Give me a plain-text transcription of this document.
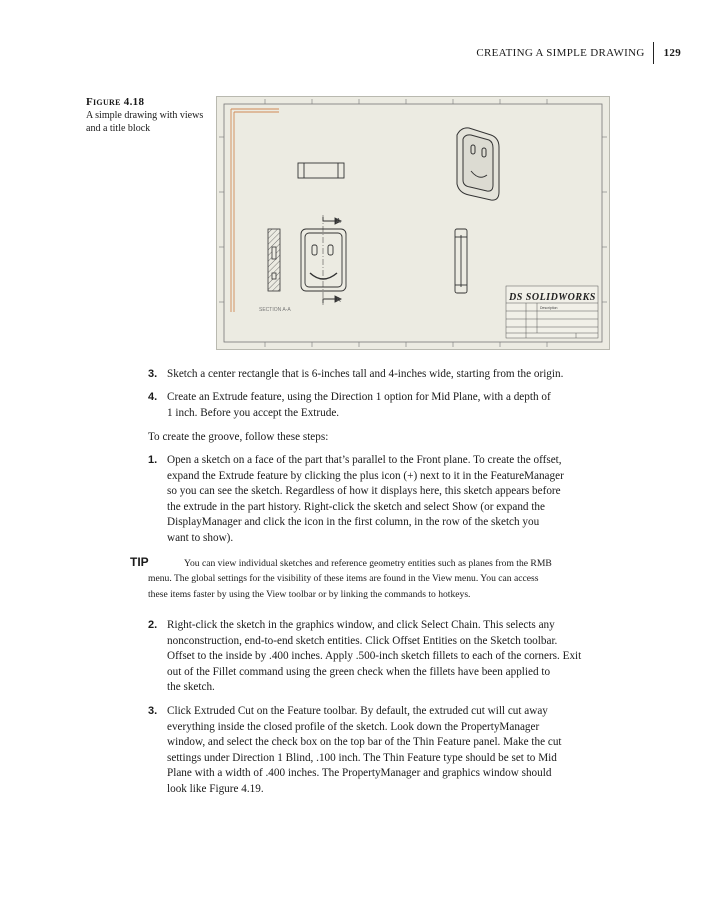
CREATING A SIMPLE DRAWING	129
Figure 4.18
A simple drawing with views and a title block
A
A
SECTION A-A
DS SOLIDWORKS
Description
3. Sketch a center rectangle that is 6-inches tall and 4-inches wide, starting from the origin.
4. Create an Extrude feature, using the Direction 1 option for Mid Plane, with a depth of
1 inch. Before you accept the Extrude.
To create the groove, follow these steps:
1. Open a sketch on a face of the part that’s parallel to the Front plane. To create the offset,
expand the Extrude feature by clicking the plus icon (+) next to it in the FeatureManager
so you can see the sketch. Regardless of how it displays here, this sketch appears before
the extrude in the part history. Right-click the sketch and select Show (or expand the
DisplayManager and click the icon in the first column, in the row of the sketch you
want to show).
TIP	You can view individual sketches and reference geometry entities such as planes from the RMB
menu. The global settings for the visibility of these items are found in the View menu. You can access
these items faster by using the View toolbar or by linking the commands to hotkeys.
2. Right-click the sketch in the graphics window, and click Select Chain. This selects any
nonconstruction, end-to-end sketch entities. Click Offset Entities on the Sketch toolbar.
Offset to the inside by .400 inches. Apply .500-inch sketch fillets to each of the corners. Exit
out of the Fillet command using the green check when the fillets have been applied to
the sketch.
3. Click Extruded Cut on the Feature toolbar. By default, the extruded cut will cut away
everything inside the closed profile of the sketch. Look down the PropertyManager
window, and select the check box on the top bar of the Thin Feature panel. Make the cut
settings under Direction 1 Blind, .100 inch. The Thin Feature type should be set to Mid
Plane with a width of .400 inches. The PropertyManager and graphics window should
look like Figure 4.19.
